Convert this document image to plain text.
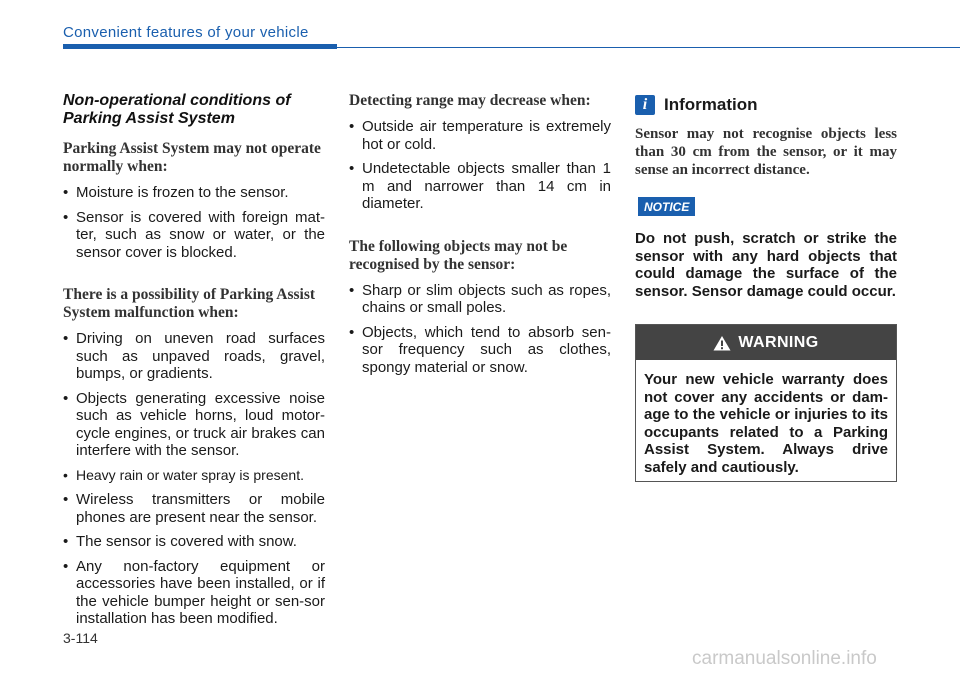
Convenient features of your vehicle
Non-operational conditions of Parking Assist System
Parking Assist System may not operate normally when:
• Moisture is frozen to the sensor.
• Sensor is covered with foreign mat-ter, such as snow or water, or the sensor cover is blocked.
There is a possibility of Parking Assist System malfunction when:
• Driving on uneven road surfaces such as unpaved roads, gravel, bumps, or gradients.
• Objects generating excessive noise such as vehicle horns, loud motor-cycle engines, or truck air brakes can interfere with the sensor.
• Heavy rain or water spray is present.
• Wireless transmitters or mobile phones are present near the sensor.
• The sensor is covered with snow.
• Any non-factory equipment or accessories have been installed, or if the vehicle bumper height or sen-sor installation has been modified.
Detecting range may decrease when:
• Outside air temperature is extremely hot or cold.
• Undetectable objects smaller than 1 m and narrower than 14 cm in diameter.
The following objects may not be recognised by the sensor:
• Sharp or slim objects such as ropes, chains or small poles.
• Objects, which tend to absorb sen-sor frequency such as clothes, spongy material or snow.
i Information

Sensor may not recognise objects less than 30 cm from the sensor, or it may sense an incorrect distance.

NOTICE

Do not push, scratch or strike the sensor with any hard objects that could damage the surface of the sensor. Sensor damage could occur.

WARNING

Your new vehicle warranty does not cover any accidents or dam-age to the vehicle or injuries to its occupants related to a Parking Assist System. Always drive safely and cautiously.

3-114
carmanualsonline.info
